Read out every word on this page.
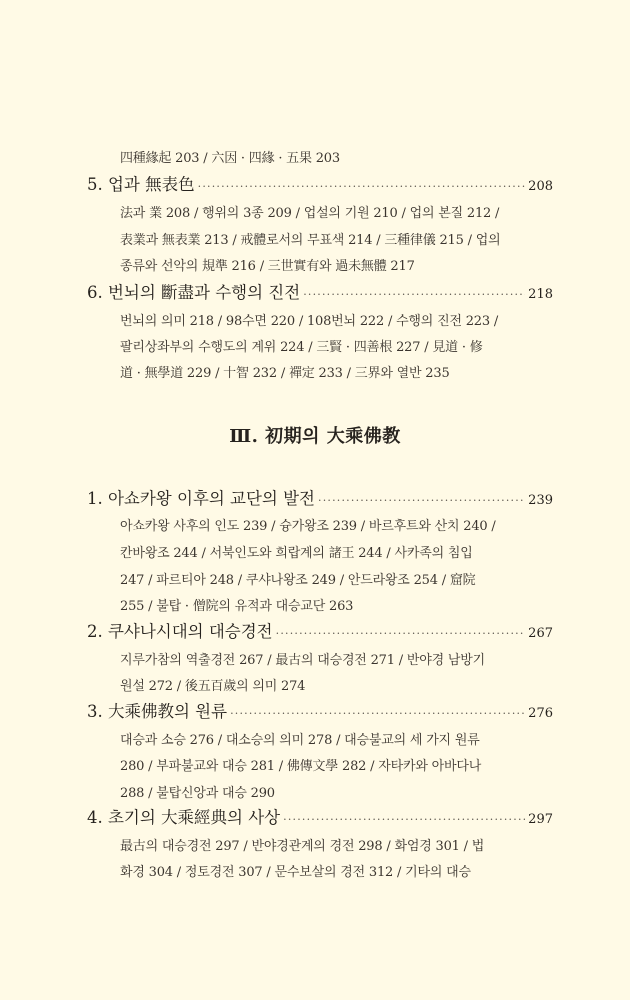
四種緣起 203 / 六因 · 四緣 · 五果 203
5. 업과 無表色 ·····	208
法과 業 208 / 행위의 3종 209 / 업설의 기원 210 / 업의 본질 212 /
表業과 無表業 213 / 戒體로서의 무표색 214 / 三種律儀 215 / 업의
종류와 선악의 規準 216 / 三世實有와 過未無體 217
6. 번뇌의 斷盡과 수행의 진전 ·····	218
번뇌의 의미 218 / 98수면 220 / 108번뇌 222 / 수행의 진전 223 /
팔리상좌부의 수행도의 계위 224 / 三賢 · 四善根 227 / 見道 · 修
道 · 無學道 229 / 十智 232 / 禪定 233 / 三界와 열반 235
Ⅲ. 初期의 大乘佛教
1. 아쇼카왕 이후의 교단의 발전 ·····	239
아쇼카왕 사후의 인도 239 / 슝가왕조 239 / 바르후트와 산치 240 /
칸바왕조 244 / 서북인도와 희랍계의 諸王 244 / 사카족의 침입
247 / 파르티아 248 / 쿠샤나왕조 249 / 안드라왕조 254 / 窟院
255 / 불탑 · 僧院의 유적과 대승교단 263
2. 쿠샤나시대의 대승경전 ·····	267
지루가참의 역출경전 267 / 最古의 대승경전 271 / 반야경 남방기
원설 272 / 後五百歲의 의미 274
3. 大乘佛教의 원류 ·····	276
대승과 소승 276 / 대소승의 의미 278 / 대승불교의 세 가지 원류
280 / 부파불교와 대승 281 / 佛傳文學 282 / 자타카와 아바다나
288 / 불탑신앙과 대승 290
4. 초기의 大乘經典의 사상 ·····	297
最古의 대승경전 297 / 반야경관계의 경전 298 / 화엄경 301 / 법
화경 304 / 정토경전 307 / 문수보살의 경전 312 / 기타의 대승
